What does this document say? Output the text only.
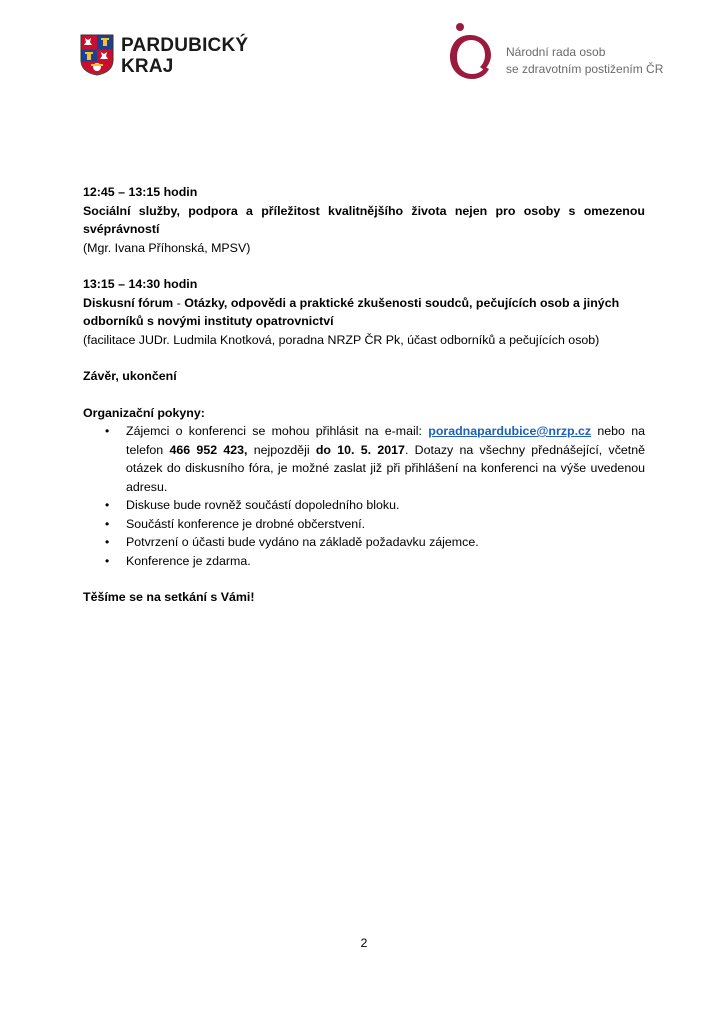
PARDUBICKÝ
KRAJ
Národní rada osob
se zdravotním postižením ČR

12:45 – 13:15 hodin

Sociální služby, podpora a příležitost kvalitnějšího života nejen pro osoby s omezenou svéprávností

(Mgr. Ivana Příhonská, MPSV)

13:15 – 14:30 hodin

Diskusní fórum - Otázky, odpovědi a praktické zkušenosti soudců, pečujících osob a jiných odborníků s novými instituty opatrovnictví

(facilitace JUDr. Ludmila Knotková, poradna NRZP ČR Pk, účast odborníků a pečujících osob)

Závěr, ukončení

Organizační pokyny:

• Zájemci o konferenci se mohou přihlásit na e-mail: poradnapardubice@nrzp.cz nebo na telefon 466 952 423, nejpozději do 10. 5. 2017. Dotazy na všechny přednášející, včetně otázek do diskusního fóra, je možné zaslat již při přihlášení na konferenci na výše uvedenou adresu.
• Diskuse bude rovněž součástí dopoledního bloku.
• Součástí konference je drobné občerstvení.
• Potvrzení o účasti bude vydáno na základě požadavku zájemce.
• Konference je zdarma.

Těšíme se na setkání s Vámi!

2
